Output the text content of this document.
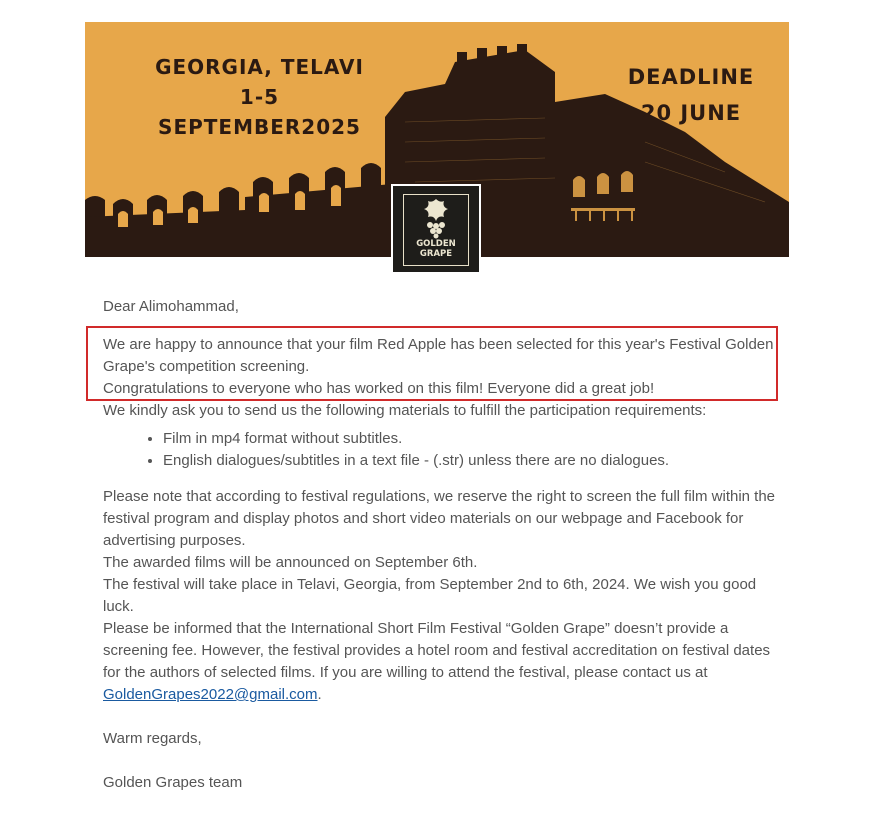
GEORGIA, TELAVI
1-5 SEPTEMBER2025
DEADLINE
20 JUNE
GOLDEN
GRAPE

Dear Alimohammad,

We are happy to announce that your film Red Apple has been selected for this year's Festival Golden Grape's competition screening.

Congratulations to everyone who has worked on this film! Everyone did a great job!

We kindly ask you to send us the following materials to fulfill the participation requirements:

• Film in mp4 format without subtitles.
• English dialogues/subtitles in a text file - (.str) unless there are no dialogues.

Please note that according to festival regulations, we reserve the right to screen the full film within the festival program and display photos and short video materials on our webpage and Facebook for advertising purposes.

The awarded films will be announced on September 6th.

The festival will take place in Telavi, Georgia, from September 2nd to 6th, 2024. We wish you good luck.

Please be informed that the International Short Film Festival “Golden Grape” doesn’t provide a screening fee. However, the festival provides a hotel room and festival accreditation on festival dates for the authors of selected films. If you are willing to attend the festival, please contact us at
GoldenGrapes2022@gmail.com.

Warm regards,

Golden Grapes team
